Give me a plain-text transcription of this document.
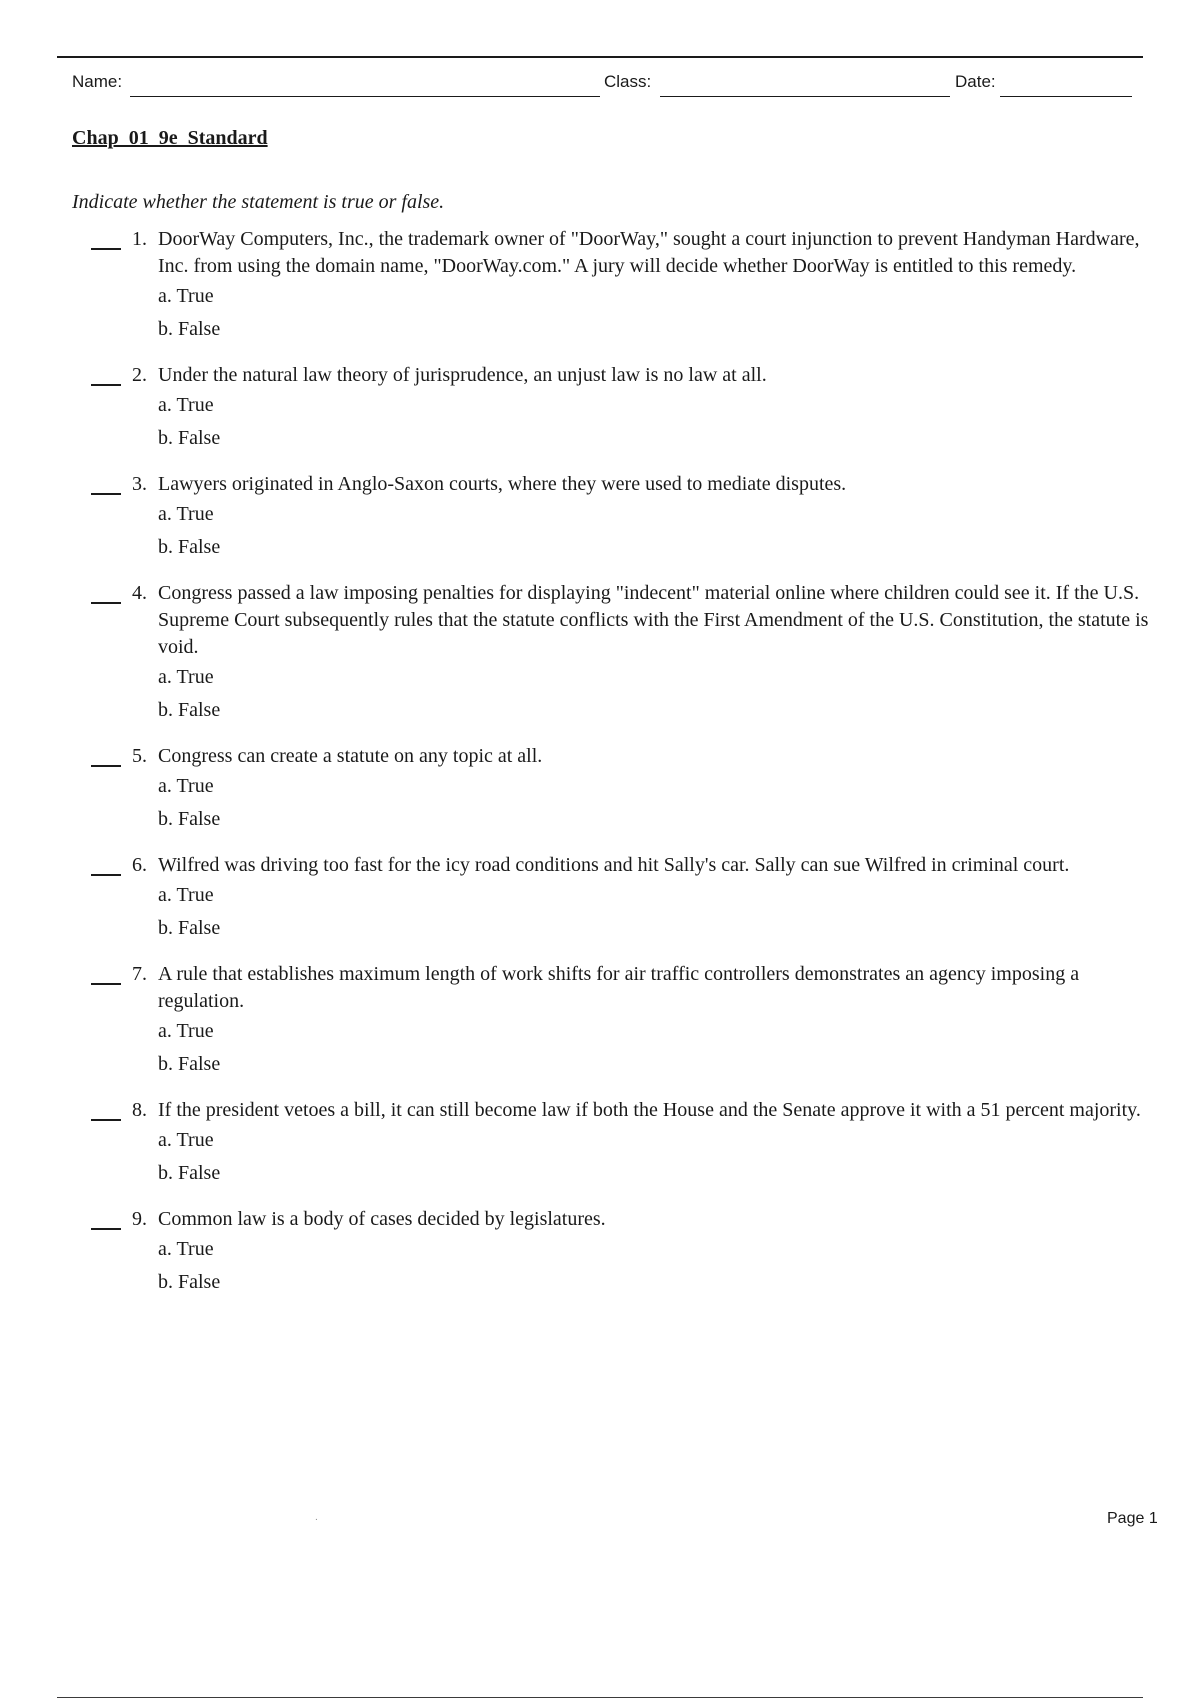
Name:	Class:	Date:
Chap_01_9e_Standard

Indicate whether the statement is true or false.

1. DoorWay Computers, Inc., the trademark owner of "DoorWay," sought a court injunction to prevent Handyman Hardware, Inc. from using the domain name, "DoorWay.com." A jury will decide whether DoorWay is entitled to this remedy.
a. True
b. False
2. Under the natural law theory of jurisprudence, an unjust law is no law at all.
a. True
b. False
3. Lawyers originated in Anglo-Saxon courts, where they were used to mediate disputes.
a. True
b. False
4. Congress passed a law imposing penalties for displaying "indecent" material online where children could see it. If the U.S. Supreme Court subsequently rules that the statute conflicts with the First Amendment of the U.S. Constitution, the statute is void.
a. True
b. False
5. Congress can create a statute on any topic at all.
a. True
b. False
6. Wilfred was driving too fast for the icy road conditions and hit Sally's car. Sally can sue Wilfred in criminal court.
a. True
b. False
7. A rule that establishes maximum length of work shifts for air traffic controllers demonstrates an agency imposing a regulation.
a. True
b. False
8. If the president vetoes a bill, it can still become law if both the House and the Senate approve it with a 51 percent majority.
a. True
b. False
9. Common law is a body of cases decided by legislatures.
a. True
b. False
.	Page 1
